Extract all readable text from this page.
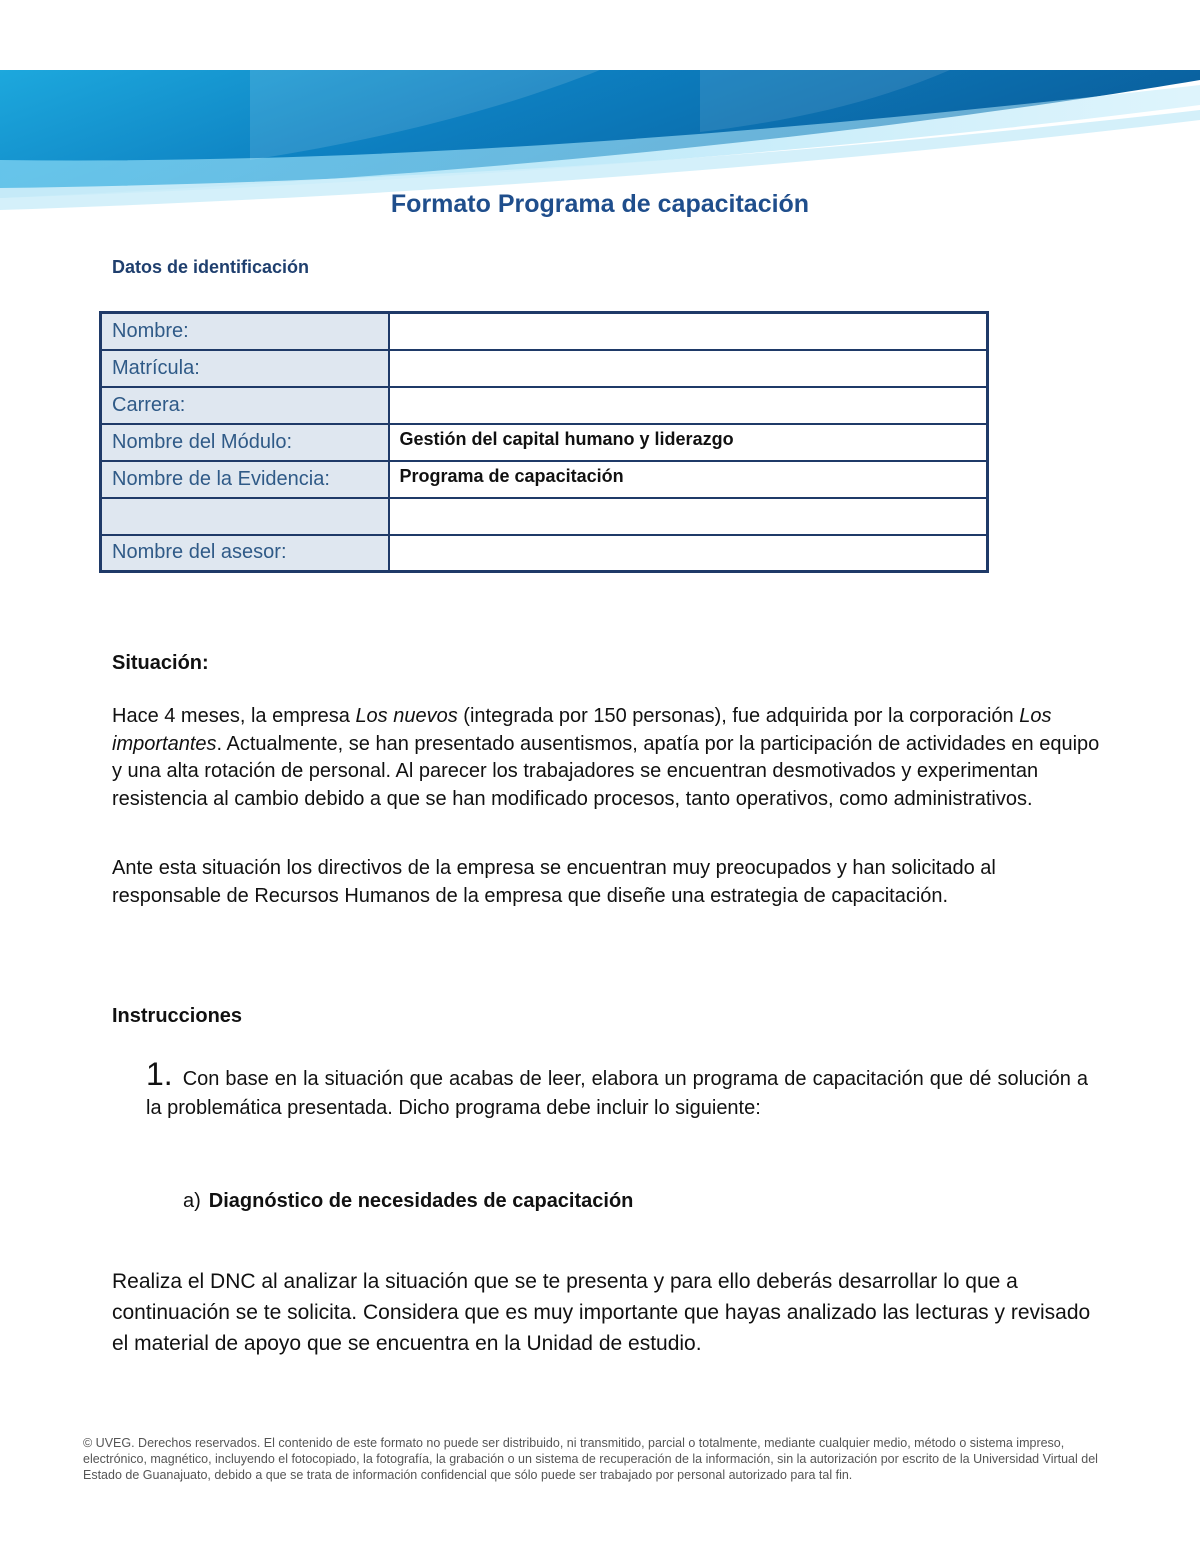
Formato Programa de capacitación
Datos de identificación
Nombre:	
Matrícula:	
Carrera:	
Nombre del Módulo:	Gestión del capital humano y liderazgo
Nombre de la Evidencia:	Programa de capacitación

Nombre del asesor:	
Situación:

Hace 4 meses, la empresa Los nuevos (integrada por 150 personas), fue adquirida por la corporación Los importantes. Actualmente, se han presentado ausentismos, apatía por la participación de actividades en equipo y una alta rotación de personal. Al parecer los trabajadores se encuentran desmotivados y experimentan resistencia al cambio debido a que se han modificado procesos, tanto operativos, como administrativos.

Ante esta situación los directivos de la empresa se encuentran muy preocupados y han solicitado al responsable de Recursos Humanos de la empresa que diseñe una estrategia de capacitación.

Instrucciones
1. Con base en la situación que acabas de leer, elabora un programa de capacitación que dé solución a la problemática presentada. Dicho programa debe incluir lo siguiente:
a) Diagnóstico de necesidades de capacitación
Realiza el DNC al analizar la situación que se te presenta y para ello deberás desarrollar lo que a continuación se te solicita. Considera que es muy importante que hayas analizado las lecturas y revisado el material de apoyo que se encuentra en la Unidad de estudio.
© UVEG. Derechos reservados. El contenido de este formato no puede ser distribuido, ni transmitido, parcial o totalmente, mediante cualquier medio, método o sistema impreso, electrónico, magnético, incluyendo el fotocopiado, la fotografía, la grabación o un sistema de recuperación de la información, sin la autorización por escrito de la Universidad Virtual del Estado de Guanajuato, debido a que se trata de información confidencial que sólo puede ser trabajado por personal autorizado para tal fin.
